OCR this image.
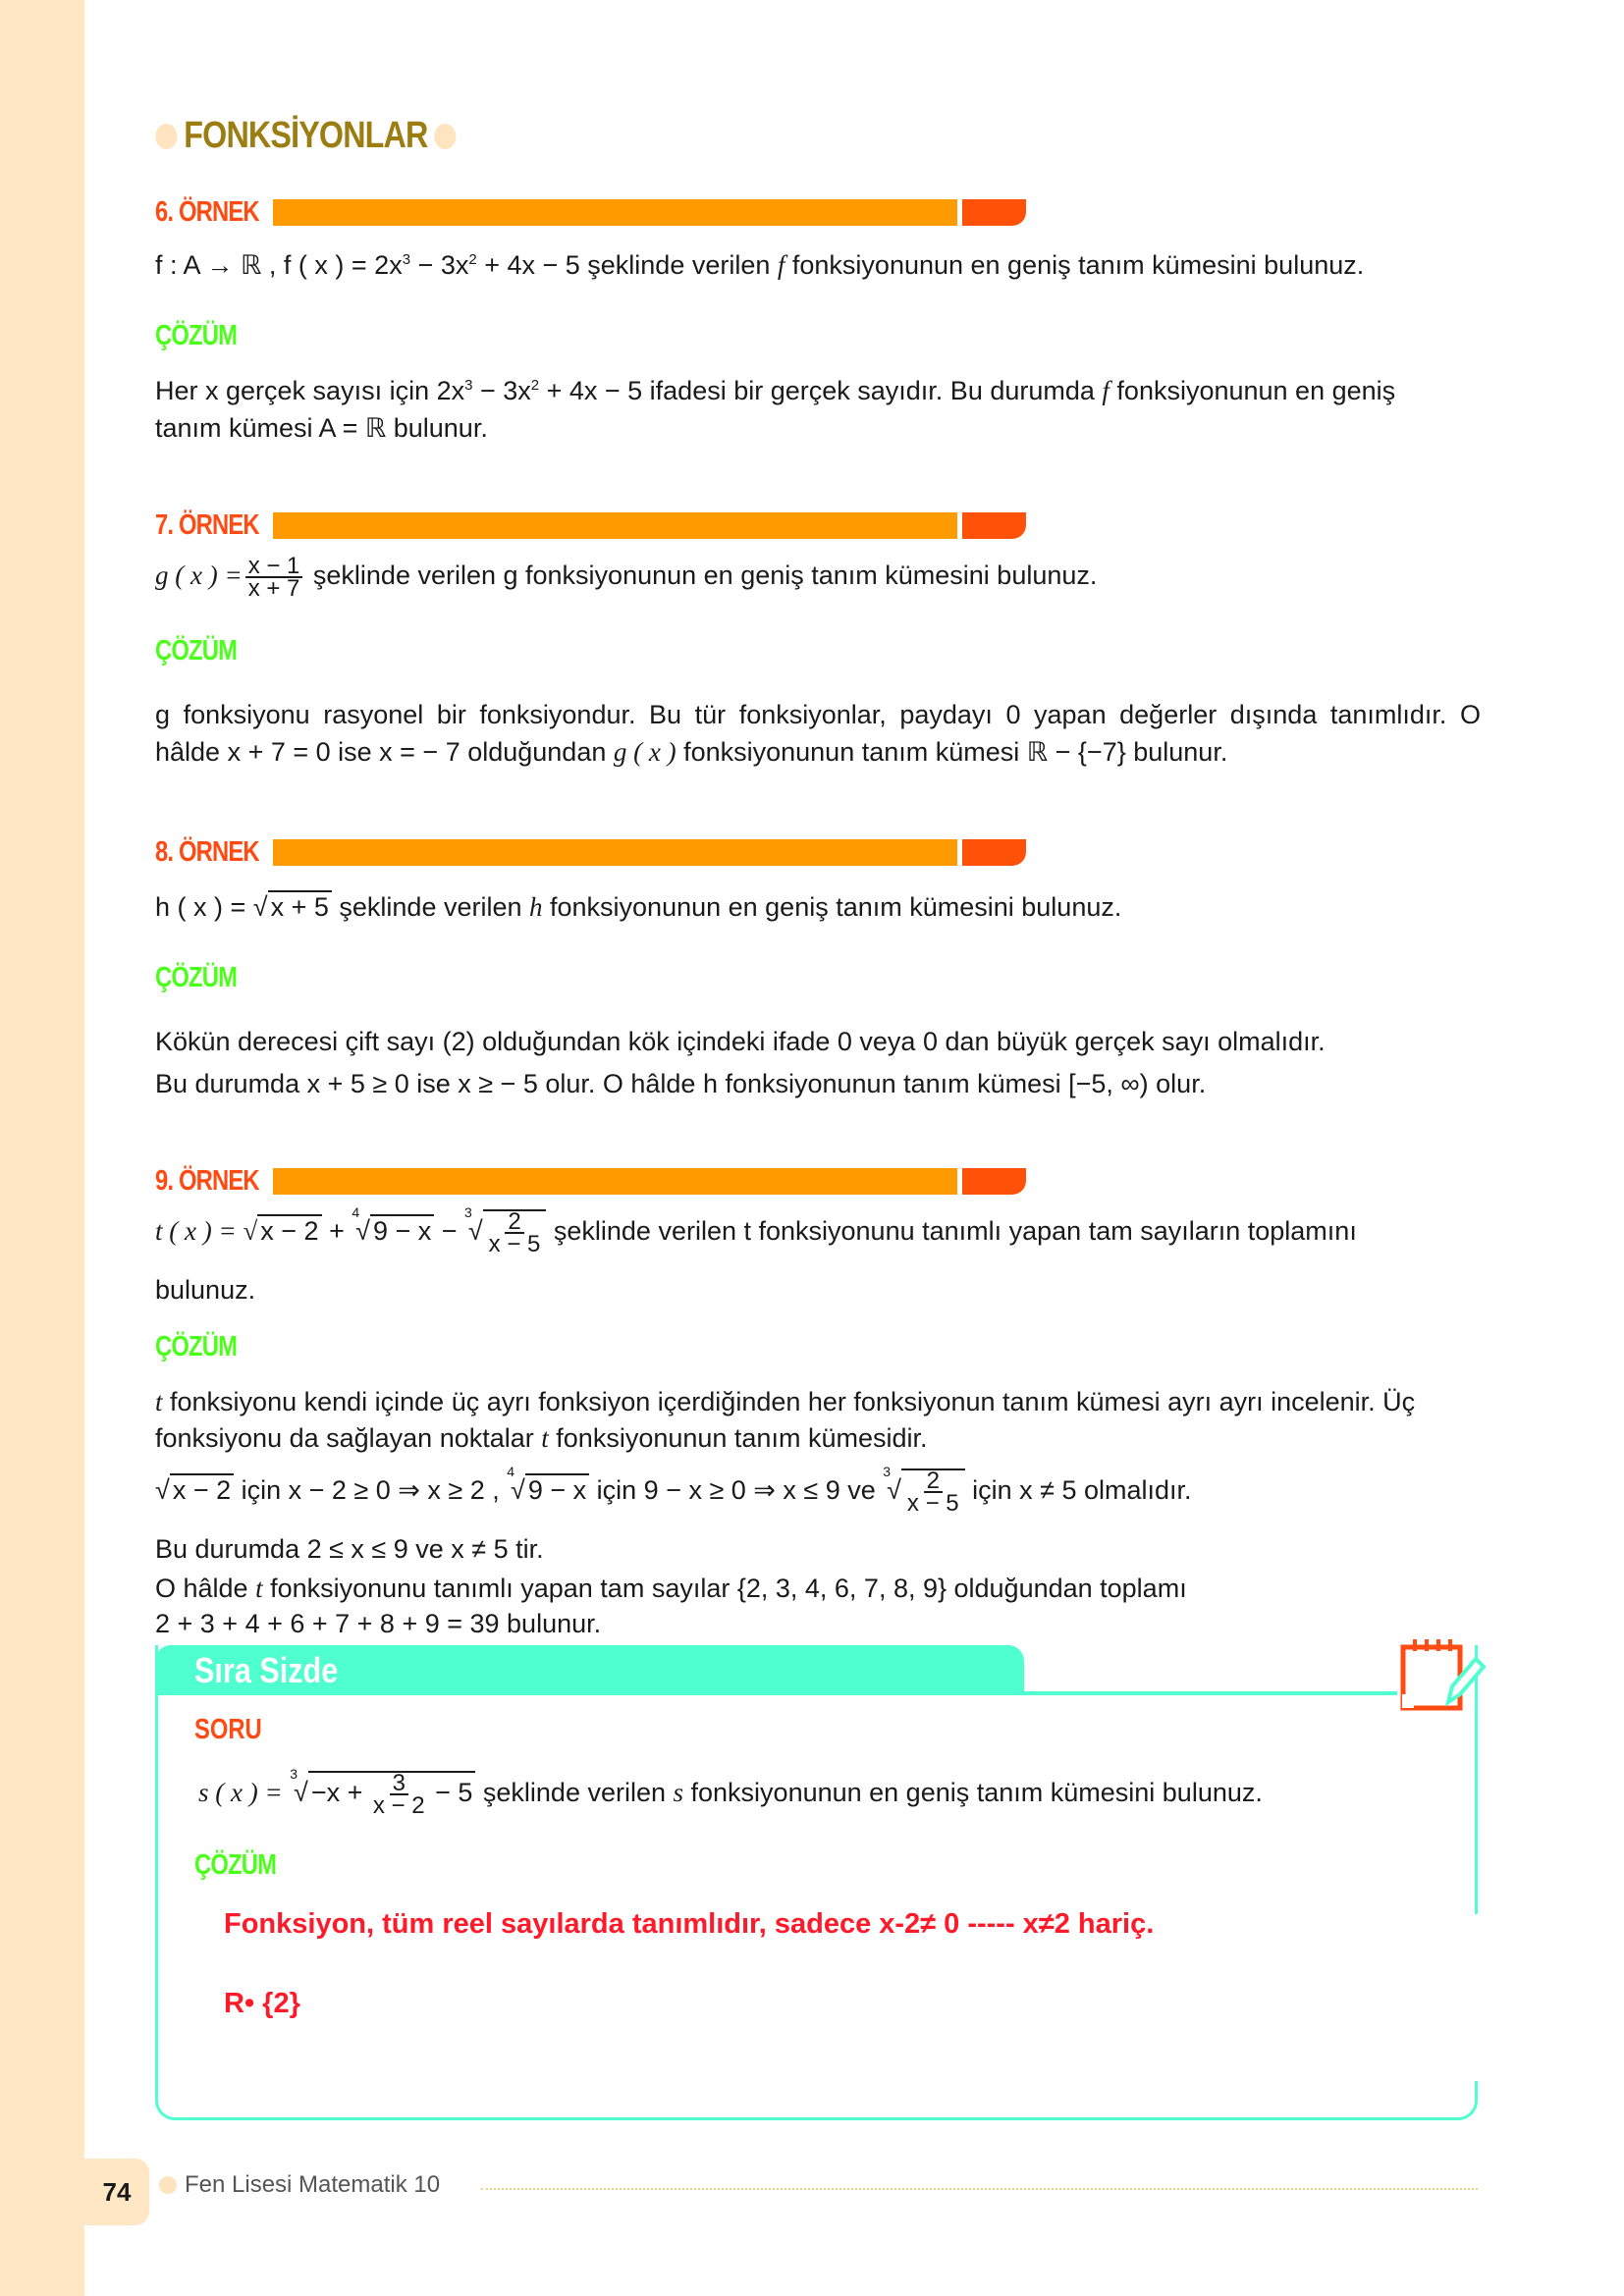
FONKSİYONLAR
6. ÖRNEK
f : A → ℝ , f ( x ) = $2x^3 - 3x^2 + 4x - 5$ şeklinde verilen f fonksiyonunun en geniş tanım kümesini bulunuz.
ÇÖZÜM
Her x gerçek sayısı için $2x^3 - 3x^2 + 4x - 5$ ifadesi bir gerçek sayıdır. Bu durumda f fonksiyonunun en geniş
tanım kümesi A = ℝ bulunur.
7. ÖRNEK
g ( x ) = $\frac{x - 1}{x + 7}$ şeklinde verilen g fonksiyonunun en geniş tanım kümesini bulunuz.
ÇÖZÜM
g fonksiyonu rasyonel bir fonksiyondur. Bu tür fonksiyonlar, paydayı 0 yapan değerler dışında tanımlıdır. O
hâlde x + 7 = 0 ise x = − 7 olduğundan g ( x ) fonksiyonunun tanım kümesi ℝ − {−7} bulunur.
8. ÖRNEK
h ( x ) = √ x + 5 şeklinde verilen h fonksiyonunun en geniş tanım kümesini bulunuz.
ÇÖZÜM
Kökün derecesi çift sayı (2) olduğundan kök içindeki ifade 0 veya 0 dan büyük gerçek sayı olmalıdır.
Bu durumda x + 5 ≥ 0 ise x ≥ − 5 olur. O hâlde h fonksiyonunun tanım kümesi [−5, ∞) olur.
9. ÖRNEK
t ( x ) = √ x − 2 + $^4$√ $9 - x - ^3√ \frac{2}{x - 5}$ şeklinde verilen t fonksiyonunu tanımlı yapan tam sayıların toplamını
bulunuz.
ÇÖZÜM
t fonksiyonu kendi içinde üç ayrı fonksiyon içerdiğinden her fonksiyonun tanım kümesi ayrı ayrı incelenir. Üç
fonksiyonu da sağlayan noktalar t fonksiyonunun tanım kümesidir.
√ x − 2 için x − 2 ≥ 0 ⇒ x ≥ 2 , $^4$√ 9 − x için 9 − x ≥ 0 ⇒ x ≤ 9 ve $^3√ \frac{2}{x - 5}$ için x ≠ 5 olmalıdır.
Bu durumda 2 ≤ x ≤ 9 ve x ≠ 5 tir.
O hâlde t fonksiyonunu tanımlı yapan tam sayılar {2, 3, 4, 6, 7, 8, 9} olduğundan toplamı
2 + 3 + 4 + 6 + 7 + 8 + 9 = 39 bulunur.
Sıra Sizde
SORU
s ( x ) = $^3√ -x + \frac{3}{x - 2} - 5$ şeklinde verilen s fonksiyonunun en geniş tanım kümesini bulunuz.
ÇÖZÜM
Fonksiyon, tüm reel sayılarda tanımlıdır, sadece x-2≠ 0 ----- x≠2 hariç.
R• {2}
74	Fen Lisesi Matematik 10
